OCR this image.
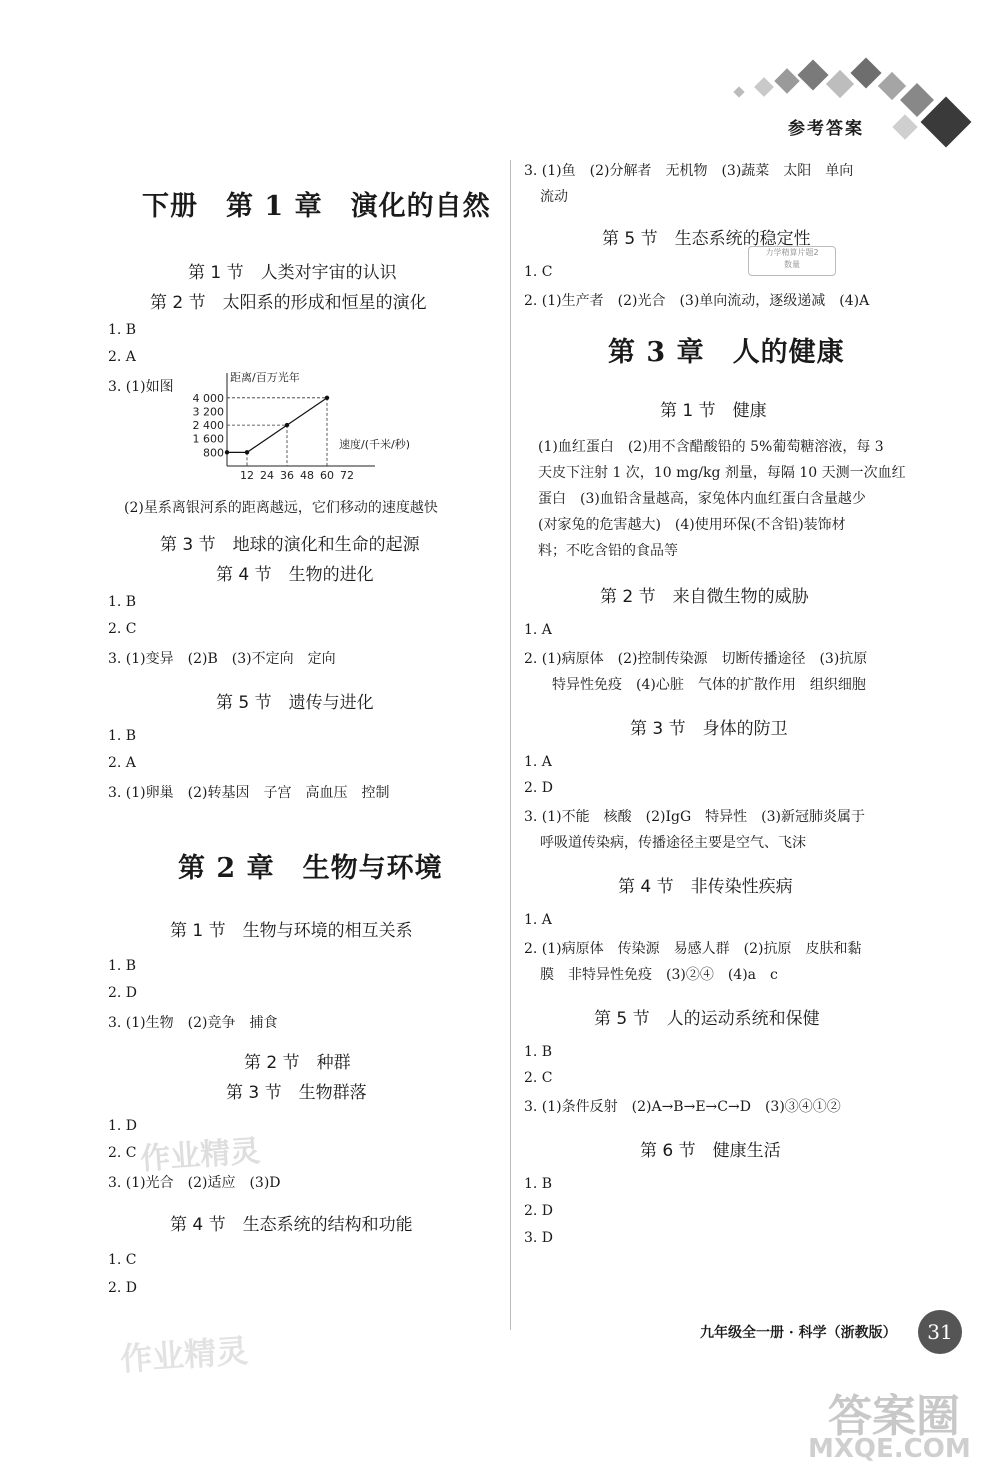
参考答案
下册　第 1 章　演化的自然
第 1 节　人类对宇宙的认识
第 2 节　太阳系的形成和恒星的演化
1. B
2. A
3. (1)如图
距离/百万光年
速度/(千米/秒)
12 24 36 48 60 72
800
1 600
2 400
3 200
4 000
(2)星系离银河系的距离越远，它们移动的速度越快
第 3 节　地球的演化和生命的起源
第 4 节　生物的进化
1. B
2. C
3. (1)变异　(2)B　(3)不定向　定向
第 5 节　遗传与进化
1. B
2. A
3. (1)卵巢　(2)转基因　子宫　高血压　控制
第 2 章　生物与环境
第 1 节　生物与环境的相互关系
1. B
2. D
3. (1)生物　(2)竞争　捕食
第 2 节　种群
第 3 节　生物群落
1. D
2. C
3. (1)光合　(2)适应　(3)D
第 4 节　生态系统的结构和功能
1. C
2. D
3. (1)鱼　(2)分解者　无机物　(3)蔬菜　太阳　单向
流动
第 5 节　生态系统的稳定性
力学精算片题2
数量
1. C
2. (1)生产者　(2)光合　(3)单向流动，逐级递减　(4)A
第 3 章　人的健康
第 1 节　健康
(1)血红蛋白　(2)用不含醋酸铅的 5%葡萄糖溶液，每 3
天皮下注射 1 次，10 mg/kg 剂量，每隔 10 天测一次血红
蛋白　(3)血铅含量越高，家兔体内血红蛋白含量越少
(对家兔的危害越大)　(4)使用环保(不含铅)装饰材
料；不吃含铅的食品等
第 2 节　来自微生物的威胁
1. A
2. (1)病原体　(2)控制传染源　切断传播途径　(3)抗原
特异性免疫　(4)心脏　气体的扩散作用　组织细胞
第 3 节　身体的防卫
1. A
2. D
3. (1)不能　核酸　(2)IgG　特异性　(3)新冠肺炎属于
呼吸道传染病，传播途径主要是空气、飞沫
第 4 节　非传染性疾病
1. A
2. (1)病原体　传染源　易感人群　(2)抗原　皮肤和黏
膜　非特异性免疫　(3)②④　(4)a　c
第 5 节　人的运动系统和保健
1. B
2. C
3. (1)条件反射　(2)A→B→E→C→D　(3)③④①②
第 6 节　健康生活
1. B
2. D
3. D
九年级全一册 · 科学（浙教版）	31
作业精灵
作业精灵
答案圈
MXQE.COM
